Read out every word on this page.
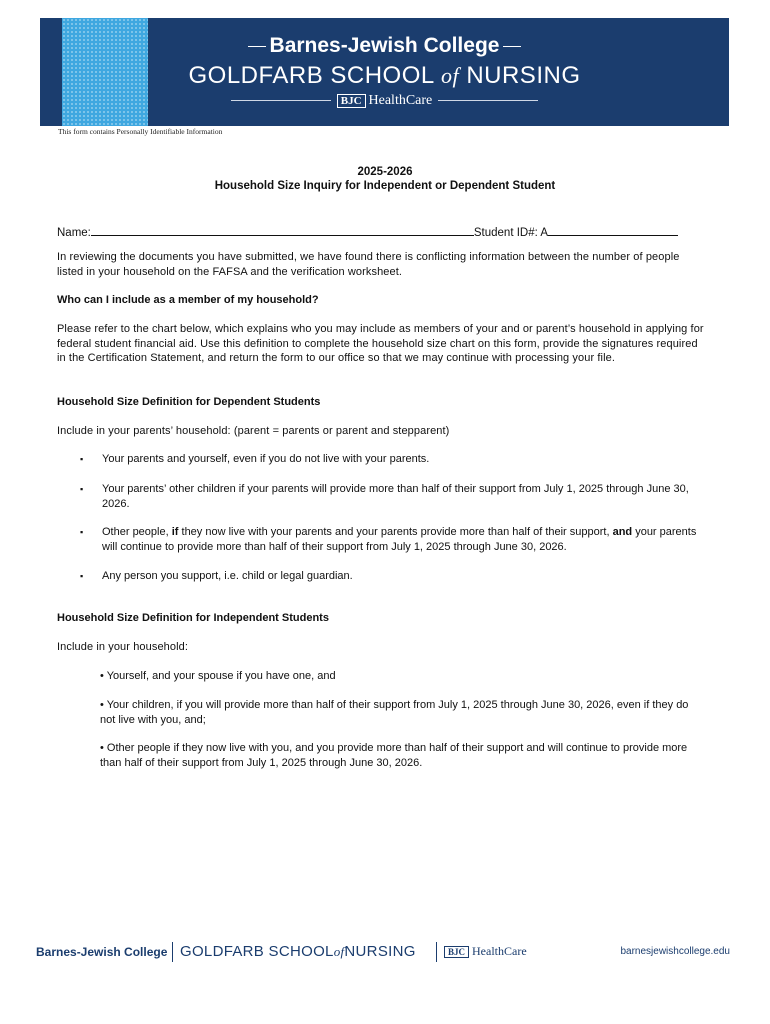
Barnes-Jewish College
GOLDFARB SCHOOL of NURSING
BJC HealthCare
This form contains Personally Identifiable Information
2025-2026
Household Size Inquiry for Independent or Dependent Student
Name:	Student ID#: A
In reviewing the documents you have submitted, we have found there is conflicting information between the number of people listed in your household on the FAFSA and the verification worksheet.
Who can I include as a member of my household?
Please refer to the chart below, which explains who you may include as members of your and or parent’s household in applying for federal student financial aid. Use this definition to complete the household size chart on this form, provide the signatures required in the Certification Statement, and return the form to our office so that we may continue with processing your file.
Household Size Definition for Dependent Students
Include in your parents’ household: (parent = parents or parent and stepparent)
▪ Your parents and yourself, even if you do not live with your parents.
▪ Your parents’ other children if your parents will provide more than half of their support from July 1, 2025 through June 30, 2026.
▪ Other people, if they now live with your parents and your parents provide more than half of their support, and your parents will continue to provide more than half of their support from July 1, 2025 through June 30, 2026.
▪ Any person you support, i.e. child or legal guardian.
Household Size Definition for Independent Students
Include in your household:
• Yourself, and your spouse if you have one, and
• Your children, if you will provide more than half of their support from July 1, 2025 through June 30, 2026, even if they do not live with you, and;
• Other people if they now live with you, and you provide more than half of their support and will continue to provide more than half of their support from July 1, 2025 through June 30, 2026.
Barnes-Jewish College GOLDFARB SCHOOLofNURSING	BJC HealthCare	barnesjewishcollege.edu
